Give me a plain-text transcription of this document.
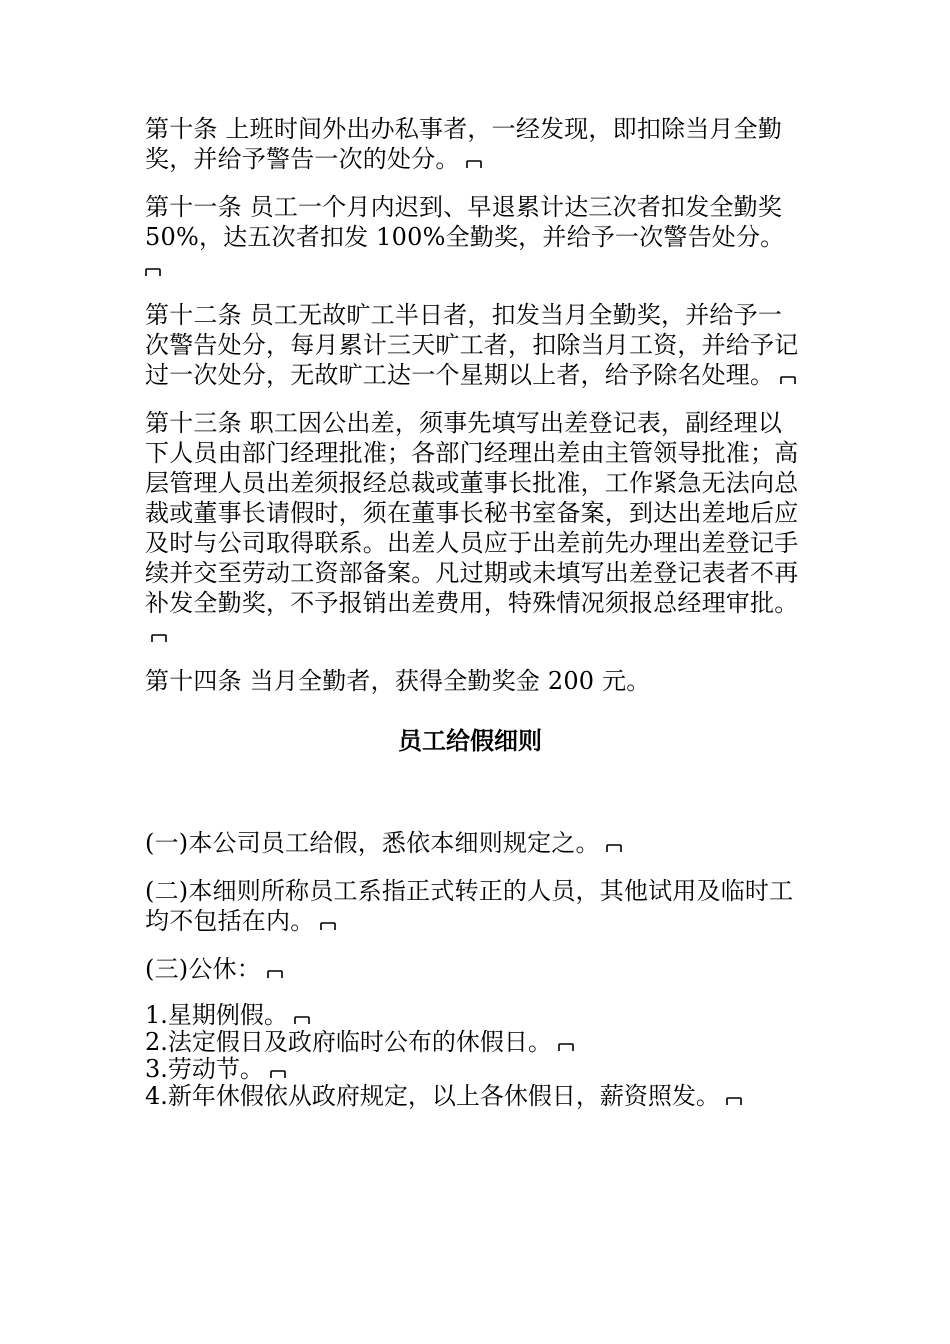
第十条 上班时间外出办私事者，一经发现，即扣除当月全勤奖，并给予警告一次的处分。

第十一条 员工一个月内迟到、早退累计达三次者扣发全勤奖 50%，达五次者扣发 100%全勤奖，并给予一次警告处分。

第十二条 员工无故旷工半日者，扣发当月全勤奖，并给予一次警告处分，每月累计三天旷工者，扣除当月工资，并给予记过一次处分，无故旷工达一个星期以上者，给予除名处理。

第十三条 职工因公出差，须事先填写出差登记表，副经理以下人员由部门经理批准；各部门经理出差由主管领导批准；高层管理人员出差须报经总裁或董事长批准，工作紧急无法向总裁或董事长请假时，须在董事长秘书室备案，到达出差地后应及时与公司取得联系。出差人员应于出差前先办理出差登记手续并交至劳动工资部备案。凡过期或未填写出差登记表者不再补发全勤奖，不予报销出差费用，特殊情况须报总经理审批。

第十四条 当月全勤者，获得全勤奖金 200 元。

员工给假细则

(一)本公司员工给假，悉依本细则规定之。

(二)本细则所称员工系指正式转正的人员，其他试用及临时工均不包括在内。

(三)公休：

1.星期例假。

2.法定假日及政府临时公布的休假日。

3.劳动节。

4.新年休假依从政府规定，以上各休假日，薪资照发。
